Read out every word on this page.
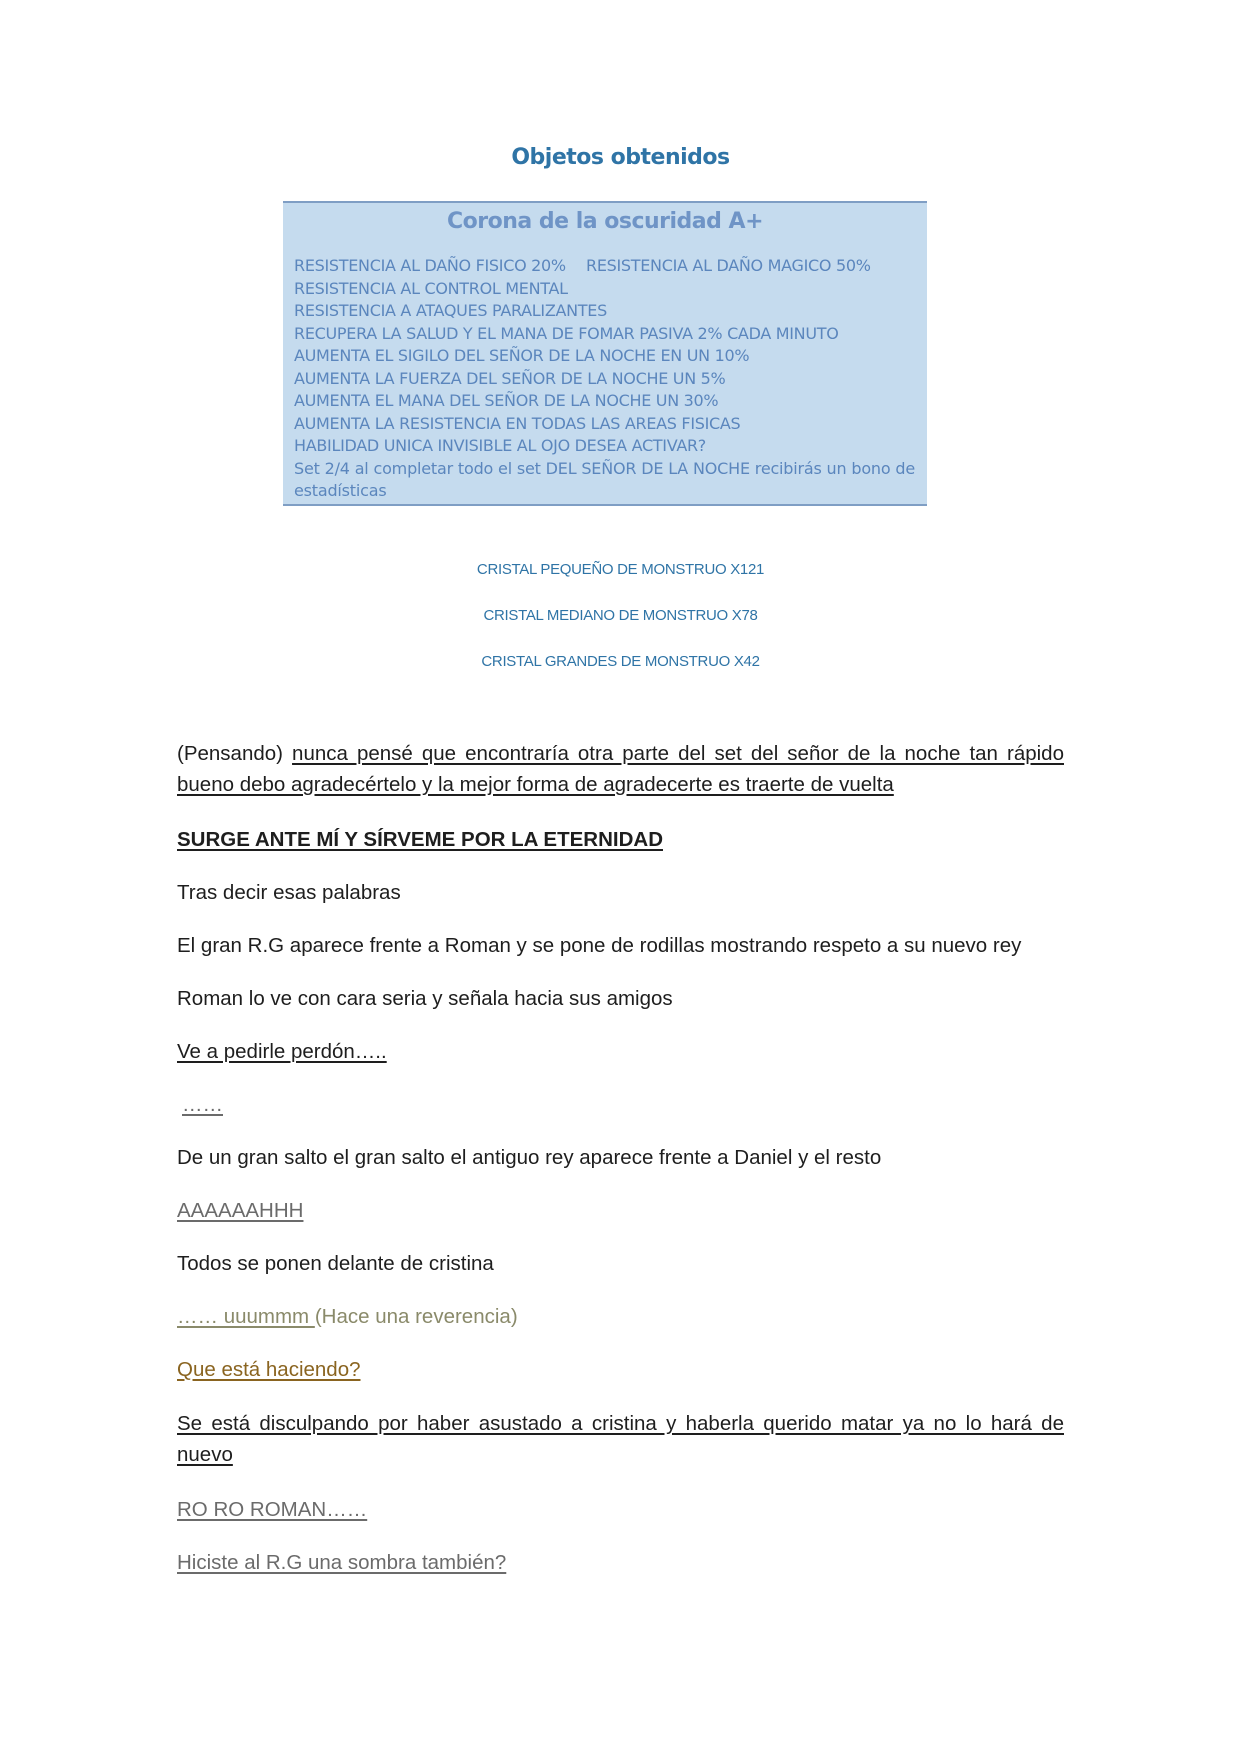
Objetos obtenidos
Corona de la oscuridad A+
RESISTENCIA AL DAÑO FISICO 20% RESISTENCIA AL DAÑO MAGICO 50%
RESISTENCIA AL CONTROL MENTAL
RESISTENCIA A ATAQUES PARALIZANTES
RECUPERA LA SALUD Y EL MANA DE FOMAR PASIVA 2% CADA MINUTO
AUMENTA EL SIGILO DEL SEÑOR DE LA NOCHE EN UN 10%
AUMENTA LA FUERZA DEL SEÑOR DE LA NOCHE UN 5%
AUMENTA EL MANA DEL SEÑOR DE LA NOCHE UN 30%
AUMENTA LA RESISTENCIA EN TODAS LAS AREAS FISICAS
HABILIDAD UNICA INVISIBLE AL OJO DESEA ACTIVAR?
Set 2/4 al completar todo el set DEL SEÑOR DE LA NOCHE recibirás un bono de estadísticas
CRISTAL PEQUEÑO DE MONSTRUO X121
CRISTAL MEDIANO DE MONSTRUO X78
CRISTAL GRANDES DE MONSTRUO X42
(Pensando) nunca pensé que encontraría otra parte del set del señor de la noche tan rápido bueno debo agradecértelo y la mejor forma de agradecerte es traerte de vuelta
SURGE ANTE MÍ Y SÍRVEME POR LA ETERNIDAD
Tras decir esas palabras
El gran R.G aparece frente a Roman y se pone de rodillas mostrando respeto a su nuevo rey
Roman lo ve con cara seria y señala hacia sus amigos
Ve a pedirle perdón…..
……
De un gran salto el gran salto el antiguo rey aparece frente a Daniel y el resto
AAAAAAHHH
Todos se ponen delante de cristina
…… uuummm (Hace una reverencia)
Que está haciendo?
Se está disculpando por haber asustado a cristina y haberla querido matar ya no lo hará de nuevo
RO RO ROMAN……
Hiciste al R.G una sombra también?
